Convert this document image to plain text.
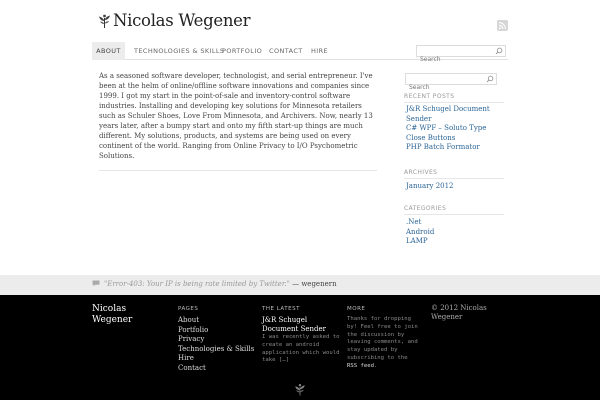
Nicolas Wegener
ABOUT	TECHNOLOGIES & SKILLS
PORTFOLIO CONTACT HIRE
Search

As a seasoned software developer, technologist, and serial entrepreneur. I've been at the helm of online/offline software innovations and companies since 1999. I got my start in the point-of-sale and inventory-control software industries. Installing and developing key solutions for Minnesota retailers such as Schuler Shoes, Love From Minnesota, and Archivers. Now, nearly 13 years later, after a bumpy start and onto my fifth start-up things are much different. My solutions, products, and systems are being used on every continent of the world. Ranging from Online Privacy to I/O Psychometric Solutions.

Search
RECENT POSTS
J&R Schugel Document Sender
C# WPF – Soluto Type Close Buttons
PHP Batch Formator
ARCHIVES
January 2012
CATEGORIES
.Net
Android
LAMP
"Error-403: Your IP is being rate limited by Twitter." — wegenern
Nicolas Wegener
PAGES
About
Portfolio
Privacy
Technologies & Skills
Hire
Contact
THE LATEST
J&R Schugel Document Sender
I was recently asked to create an android application which would take […]
MORE
Thanks for dropping by! Feel free to join the discussion by leaving comments, and stay updated by subscribing to the RSS feed.
© 2012 Nicolas Wegener
